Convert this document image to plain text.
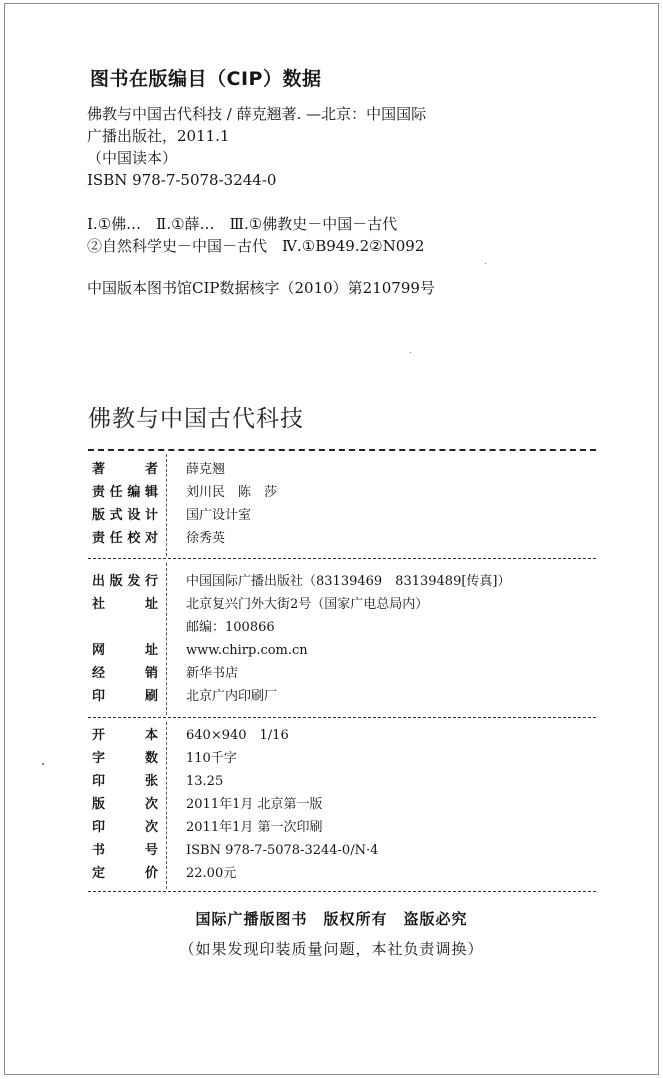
图书在版编目（CIP）数据
佛教与中国古代科技 / 薛克翘著. —北京：中国国际
广播出版社，2011.1
（中国读本）
ISBN 978-7-5078-3244-0
Ⅰ.①佛…　Ⅱ.①薛…　Ⅲ.①佛教史－中国－古代
②自然科学史－中国－古代　Ⅳ.①B949.2②N092
中国版本图书馆CIP数据核字（2010）第210799号
佛教与中国古代科技
著者 薛克翘
责任编辑 刘川民　陈　莎
版式设计 国广设计室
责任校对 徐秀英
出版发行 中国国际广播出版社（83139469　83139489[传真]）
社址 北京复兴门外大街2号（国家广电总局内）
邮编：100866
网址 www.chirp.com.cn
经销 新华书店
印刷 北京广内印刷厂
开本 640×940　1/16
字数 110千字
印张 13.25
版次 2011年1月 北京第一版
印次 2011年1月 第一次印刷
书号 ISBN 978-7-5078-3244-0/N·4
定价 22.00元
国际广播版图书　版权所有　盗版必究
（如果发现印装质量问题，本社负责调换）
